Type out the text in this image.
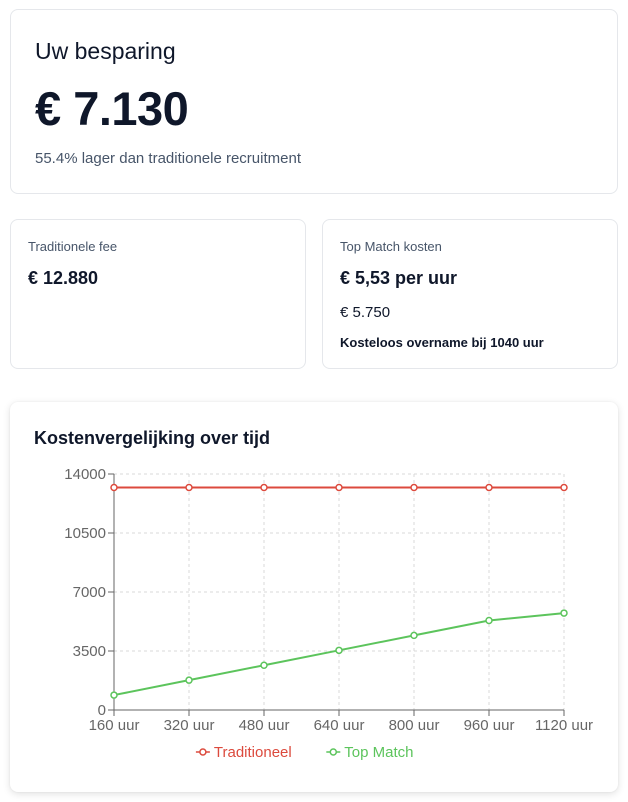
Uw besparing
€ 7.130
55.4% lager dan traditionele recruitment
Traditionele fee
€ 12.880
Top Match kosten
€ 5,53 per uur
€ 5.750
Kosteloos overname bij 1040 uur
Kostenvergelijking over tijd
14000
10500
7000
3500
0
160 uur 320 uur 480 uur 640 uur 800 uur 960 uur 1120 uur
Traditioneel	Top Match
